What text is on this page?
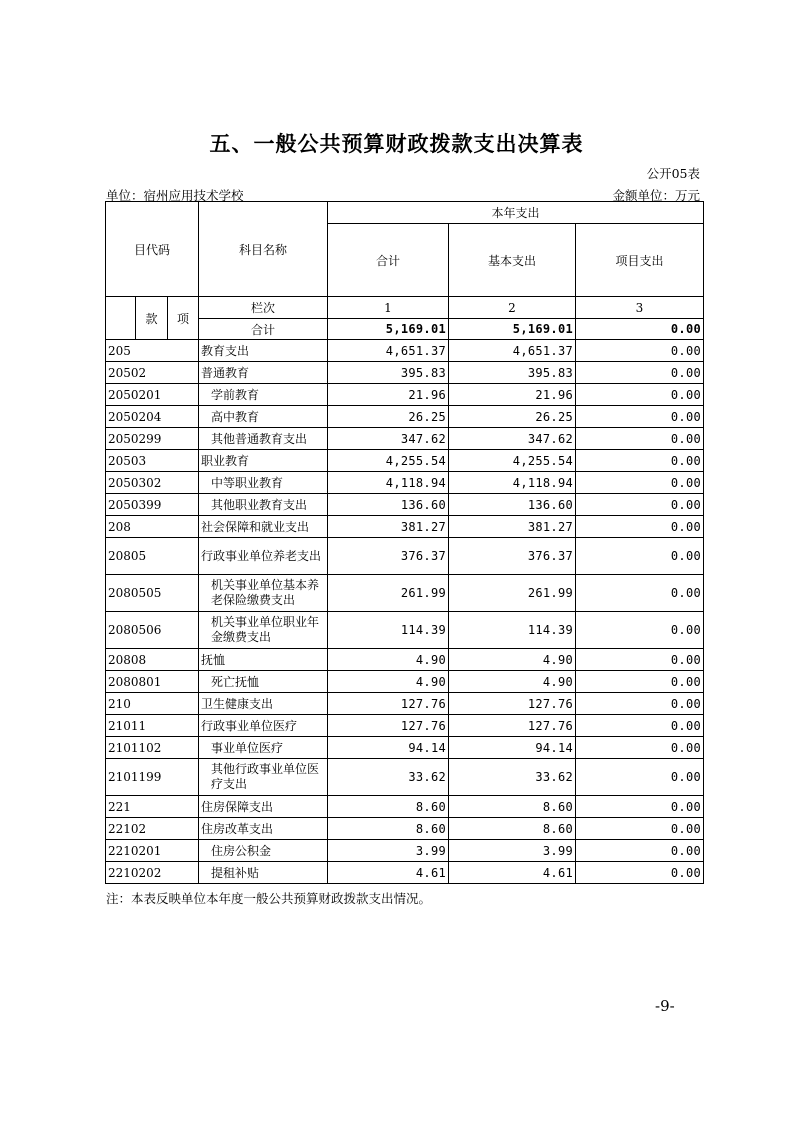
五、一般公共预算财政拨款支出决算表
公开05表
单位：宿州应用技术学校	金额单位：万元
目代码			科目名称	本年支出		
				合计	基本支出	项目支出

	款	项	栏次	1	2	3
			合计	5,169.01	5,169.01	0.00
205			教育支出	4,651.37	4,651.37	0.00
20502			普通教育	395.83	395.83	0.00
2050201			学前教育	21.96	21.96	0.00
2050204			高中教育	26.25	26.25	0.00
2050299			其他普通教育支出	347.62	347.62	0.00
20503			职业教育	4,255.54	4,255.54	0.00
2050302			中等职业教育	4,118.94	4,118.94	0.00
2050399			其他职业教育支出	136.60	136.60	0.00
208			社会保障和就业支出	381.27	381.27	0.00
20805			行政事业单位养老支出	376.37	376.37	0.00
2080505			机关事业单位基本养老保险缴费支出	261.99	261.99	0.00
2080506			机关事业单位职业年金缴费支出	114.39	114.39	0.00
20808			抚恤	4.90	4.90	0.00
2080801			死亡抚恤	4.90	4.90	0.00
210			卫生健康支出	127.76	127.76	0.00
21011			行政事业单位医疗	127.76	127.76	0.00
2101102			事业单位医疗	94.14	94.14	0.00
2101199			其他行政事业单位医疗支出	33.62	33.62	0.00
221			住房保障支出	8.60	8.60	0.00
22102			住房改革支出	8.60	8.60	0.00
2210201			住房公积金	3.99	3.99	0.00
2210202			提租补贴	4.61	4.61	0.00
注：本表反映单位本年度一般公共预算财政拨款支出情况。
-9-
